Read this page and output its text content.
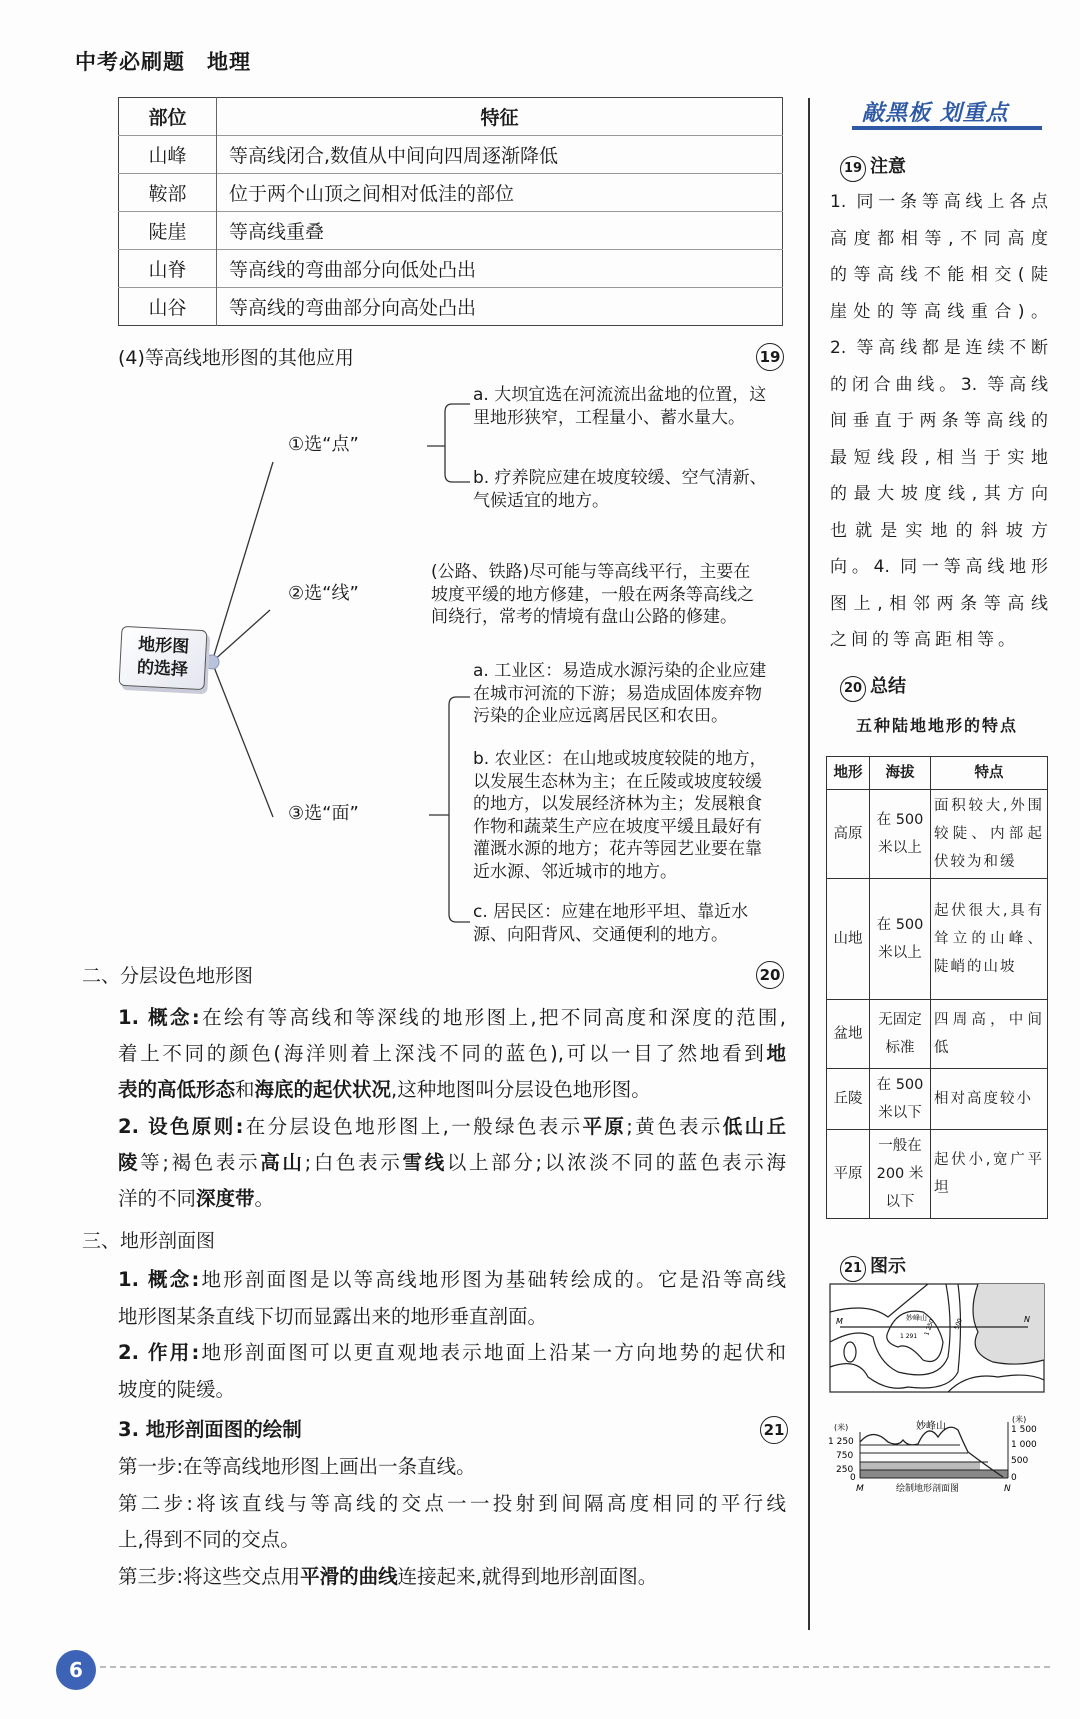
中考必刷题 地理
部位	特征
山峰	等高线闭合,数值从中间向四周逐渐降低
鞍部	位于两个山顶之间相对低洼的部位
陡崖	等高线重叠
山脊	等高线的弯曲部分向低处凸出
山谷	等高线的弯曲部分向高处凸出
(4)等高线地形图的其他应用	19
地形图
的选择
①选“点”
②选“线”
③选“面”
a. 大坝宜选在河流流出盆地的位置，这
里地形狭窄，工程量小、蓄水量大。
b. 疗养院应建在坡度较缓、空气清新、
气候适宜的地方。
(公路、铁路)尽可能与等高线平行，主要在
坡度平缓的地方修建，一般在两条等高线之
间绕行，常考的情境有盘山公路的修建。
a. 工业区：易造成水源污染的企业应建
在城市河流的下游；易造成固体废弃物
污染的企业应远离居民区和农田。
b. 农业区：在山地或坡度较陡的地方，
以发展生态林为主；在丘陵或坡度较缓
的地方，以发展经济林为主；发展粮食
作物和蔬菜生产应在坡度平缓且最好有
灌溉水源的地方；花卉等园艺业要在靠
近水源、邻近城市的地方。
c. 居民区：应建在地形平坦、靠近水
源、向阳背风、交通便利的地方。
二、分层设色地形图	20
三、地形剖面图
1. 概念:在绘有等高线和等深线的地形图上,把不同高度和深度的范围,
着上不同的颜色(海洋则着上深浅不同的蓝色),可以一目了然地看到地
表的高低形态和海底的起伏状况,这种地图叫分层设色地形图。
2. 设色原则:在分层设色地形图上,一般绿色表示平原;黄色表示低山丘
陵等;褐色表示高山;白色表示雪线以上部分;以浓淡不同的蓝色表示海
洋的不同深度带。
1. 概念:地形剖面图是以等高线地形图为基础转绘成的。它是沿等高线
地形图某条直线下切而显露出来的地形垂直剖面。
2. 作用:地形剖面图可以更直观地表示地面上沿某一方向地势的起伏和
坡度的陡缓。
3. 地形剖面图的绘制	21
第一步:在等高线地形图上画出一条直线。
第二步:将该直线与等高线的交点一一投射到间隔高度相同的平行线
上,得到不同的交点。
第三步:将这些交点用平滑的曲线连接起来,就得到地形剖面图。
敲黑板 划重点
19 注意
1. 同一条等高线上各点
高度都相等,不同高度
的等高线不能相交(陡
崖处的等高线重合)。
2. 等高线都是连续不断
的闭合曲线。3. 等高线
间垂直于两条等高线的
最短线段,相当于实地
的最大坡度线,其方向
也就是实地的斜坡方
向。4. 同一等高线地形
图上,相邻两条等高线
之间的等高距相等。
20 总结
五种陆地地形的特点
地形	海拔	特点
高原	在 500 米以上	面积较大,外围较陡、内部起伏较为和缓
山地	在 500 米以上	起伏很大,具有耸立的山峰、陡峭的山坡
盆地	无固定标准	四周高，中间低
丘陵	在 500 米以下	相对高度较小
平原	一般在 200 米以下	起伏小,宽广平坦
21 图示
M	N
妙峰山
1 291 1 250	500
妙峰山
(米)
(米)
1 250
750
250
0
1 500
1 000
500
0
M	N
绘制地形剖面图
6
